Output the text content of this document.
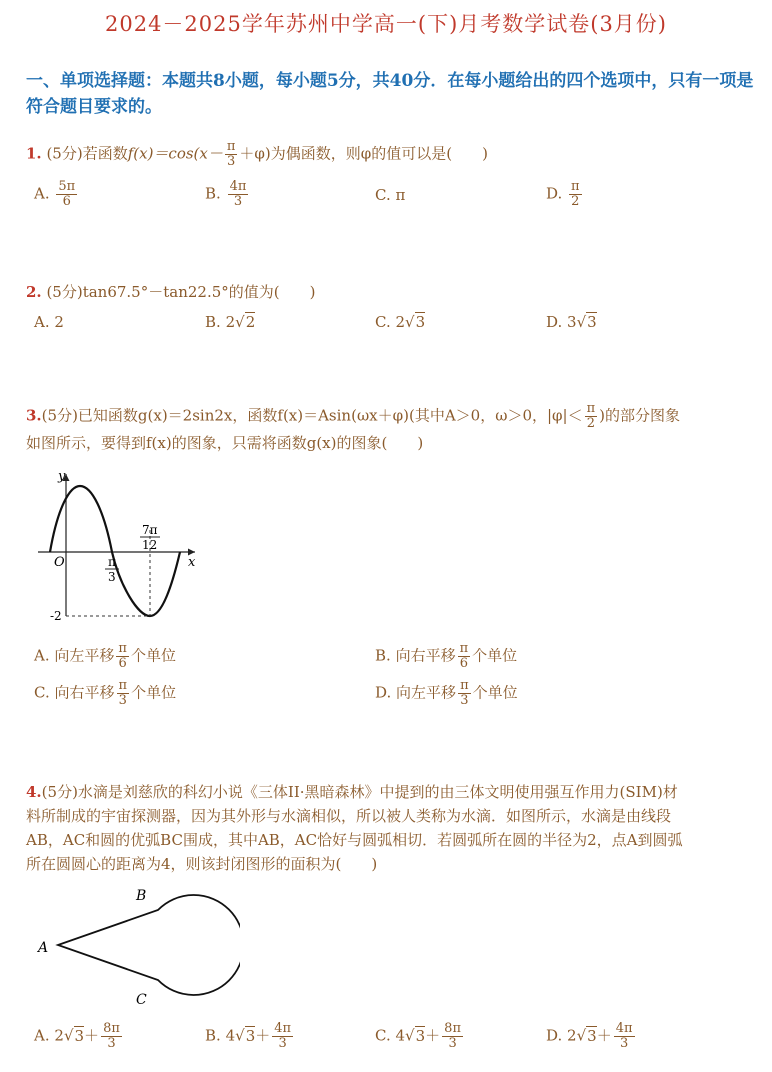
2024－2025学年苏州中学高一(下)月考数学试卷(3月份)
一、单项选择题：本题共8小题，每小题5分，共40分．在每小题给出的四个选项中，只有一项是符合题目要求的。
1. (5分)若函数$f(x)=\cos(x- \frac{\pi}{3} +\varphi)$为偶函数，则φ的值可以是(　　)
A. $\frac{5\pi}{6}$	B. $\frac{4\pi}{3}$	C. π	D. $\frac{\pi}{2}$
2. (5分)tan67.5°－tan22.5°的值为(　　)
A. 2	B. 2√2	C. 2√3	D. 3√3
3.(5分)已知函数g(x)＝2sin2x，函数f(x)＝Asin(ωx＋φ)(其中A＞0，ω＞0，$|\varphi|< \frac{\pi}{2}$ )的部分图象
如图所示，要得到f(x)的图象，只需将函数g(x)的图象(　　)
y
x
O	π
3
7π
12
-2
A. 向左平移 $\frac{\pi}{6}$ 个单位	B. 向右平移 $\frac{\pi}{6}$ 个单位
C. 向右平移 $\frac{\pi}{3}$ 个单位	D. 向左平移 $\frac{\pi}{3}$ 个单位
4.(5分)水滴是刘慈欣的科幻小说《三体II·黑暗森林》中提到的由三体文明使用强互作用力(SIM)材
料所制成的宇宙探测器，因为其外形与水滴相似，所以被人类称为水滴．如图所示，水滴是由线段
AB，AC和圆的优弧BC围成，其中AB，AC恰好与圆弧相切．若圆弧所在圆的半径为2，点A到圆弧
所在圆圆心的距离为4，则该封闭图形的面积为(　　)
A
B
C
A. $2√3+ \frac{8\pi}{3}$	B. $4√3+ \frac{4\pi}{3}$	C. $4√3+ \frac{8\pi}{3}$	D. $2√3+ \frac{4\pi}{3}$
